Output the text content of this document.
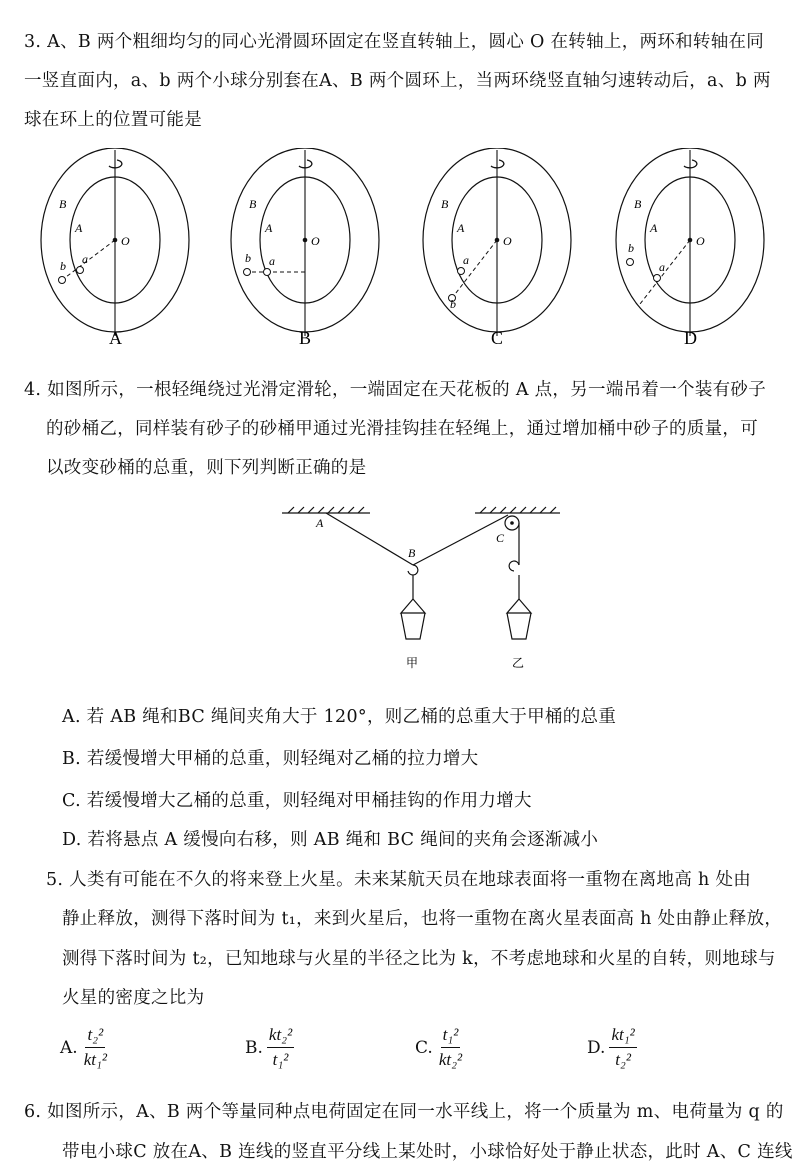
3. A、B 两个粗细均匀的同心光滑圆环固定在竖直转轴上，圆心 O 在转轴上，两环和转轴在同
一竖直面内，a、b 两个小球分别套在A、B 两个圆环上，当两环绕竖直轴匀速转动后，a、b 两
球在环上的位置可能是
B
A
O
a
b
A
B
A
O
a
b
B
B
A
O
a
b
C
B
A
O
a
b
D
4. 如图所示，一根轻绳绕过光滑定滑轮，一端固定在天花板的 A 点，另一端吊着一个装有砂子
的砂桶乙，同样装有砂子的砂桶甲通过光滑挂钩挂在轻绳上，通过增加桶中砂子的质量，可
以改变砂桶的总重，则下列判断正确的是
A
B
C
甲	乙
A. 若 AB 绳和BC 绳间夹角大于 120°，则乙桶的总重大于甲桶的总重
B. 若缓慢增大甲桶的总重，则轻绳对乙桶的拉力增大
C. 若缓慢增大乙桶的总重，则轻绳对甲桶挂钩的作用力增大
D. 若将悬点 A 缓慢向右移，则 AB 绳和 BC 绳间的夹角会逐渐减小
5. 人类有可能在不久的将来登上火星。未来某航天员在地球表面将一重物在离地高 h 处由
静止释放，测得下落时间为 t₁，来到火星后，也将一重物在离火星表面高 h 处由静止释放，
测得下落时间为 t₂，已知地球与火星的半径之比为 k，不考虑地球和火星的自转，则地球与
火星的密度之比为
A. $\frac{\text{t₂²}}{\text{kt₁²}}$	B. $\frac{\text{kt₂²}}{\text{t₁²}}$	C. $\frac{\text{t₁²}}{\text{kt₂²}}$	D. $\frac{\text{kt₁²}}{\text{t₂²}}$
6. 如图所示，A、B 两个等量同种点电荷固定在同一水平线上，将一个质量为 m、电荷量为 q 的
带电小球C 放在A、B 连线的竖直平分线上某处时，小球恰好处于静止状态，此时 A、C 连线
